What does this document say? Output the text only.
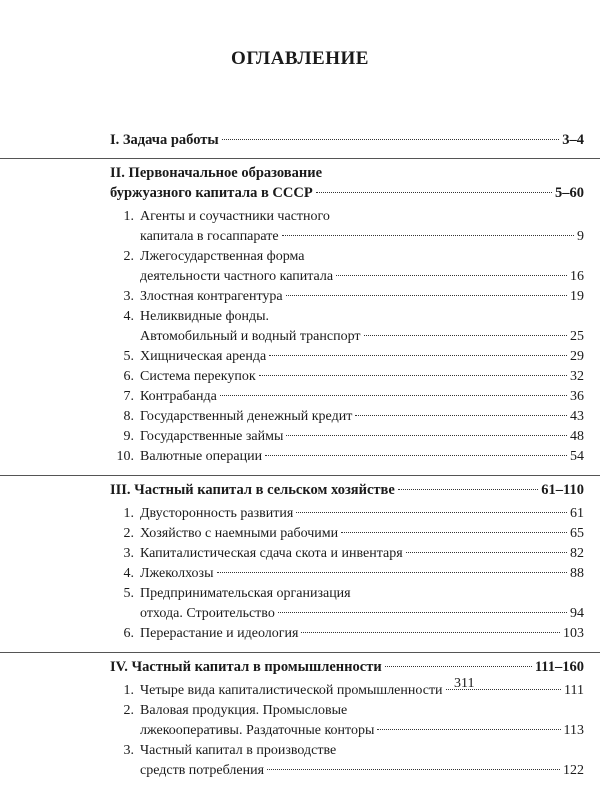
ОГЛАВЛЕНИЕ
I. Задача работы	3–4
II. Первоначальное образование
буржуазного капитала в СССР	5–60
1. Агенты и соучастники частного
капитала в госаппарате	9
2. Лжегосударственная форма
деятельности частного капитала	16
3. Злостная контрагентура	19
4. Неликвидные фонды.
Автомобильный и водный транспорт	25
5. Хищническая аренда	29
6. Система перекупок	32
7. Контрабанда	36
8. Государственный денежный кредит	43
9. Государственные займы	48
10. Валютные операции	54
III. Частный капитал в сельском хозяйстве	61–110
1. Двусторонность развития	61
2. Хозяйство с наемными рабочими	65
3. Капиталистическая сдача скота и инвентаря	82
4. Лжеколхозы	88
5. Предпринимательская организация
отхода. Строительство	94
6. Перерастание и идеология	103
IV. Частный капитал в промышленности	111–160
1. Четыре вида капиталистической промышленности	111
2. Валовая продукция. Промысловые
лжекооперативы. Раздаточные конторы	113
3. Частный капитал в производстве
средств потребления	122
311
